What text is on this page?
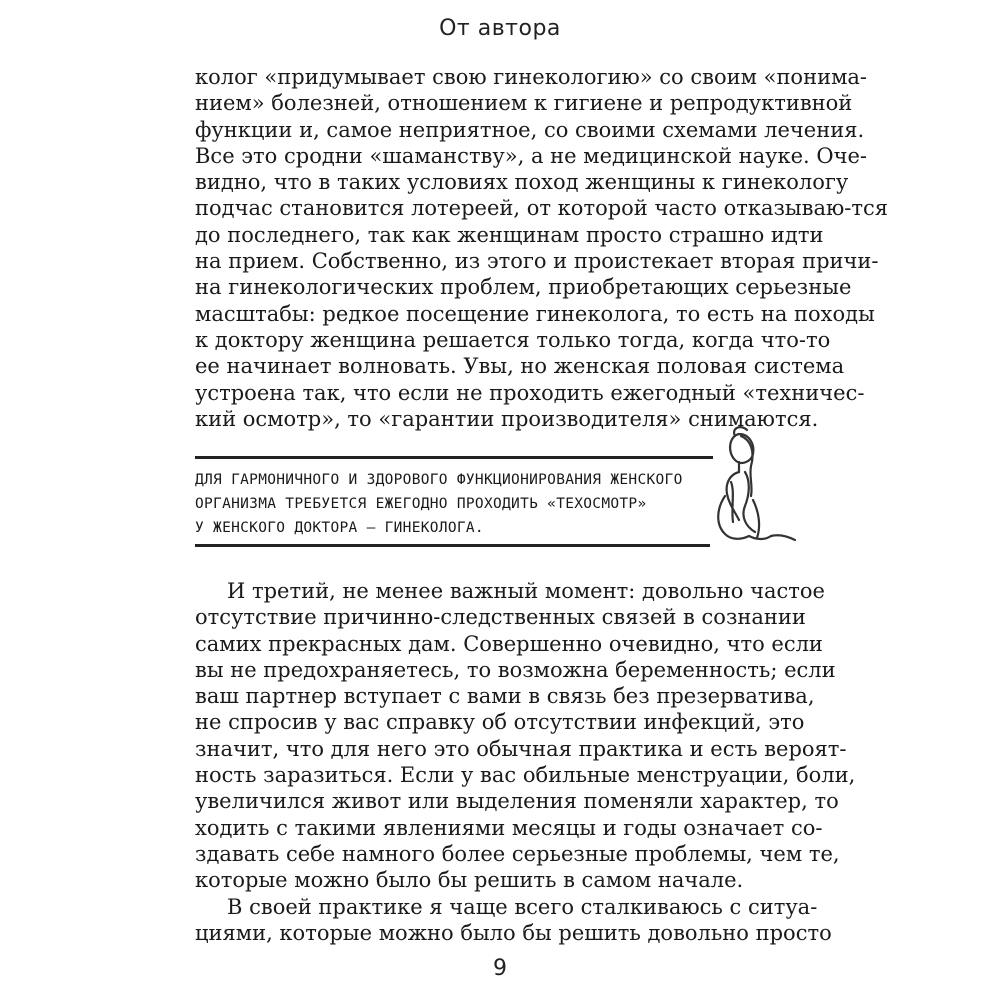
От автора
колог «придумывает свою гинекологию» со своим «понима-
нием» болезней, отношением к гигиене и репродуктивной
функции и, самое неприятное, со своими схемами лечения.
Все это сродни «шаманству», а не медицинской науке. Оче-
видно, что в таких условиях поход женщины к гинекологу
подчас становится лотереей, от которой часто отказываю-тся
до последнего, так как женщинам просто страшно идти
на прием. Собственно, из этого и проистекает вторая причи-
на гинекологических проблем, приобретающих серьезные
масштабы: редкое посещение гинеколога, то есть на походы
к доктору женщина решается только тогда, когда что-то
ее начинает волновать. Увы, но женская половая система
устроена так, что если не проходить ежегодный «техничес-
кий осмотр», то «гарантии производителя» снимаются.
ДЛЯ ГАРМОНИЧНОГО И ЗДОРОВОГО ФУНКЦИОНИРОВАНИЯ ЖЕНСКОГО
ОРГАНИЗМА ТРЕБУЕТСЯ ЕЖЕГОДНО ПРОХОДИТЬ «ТЕХОСМОТР»
У ЖЕНСКОГО ДОКТОРА – ГИНЕКОЛОГА.
И третий, не менее важный момент: довольно частое
отсутствие причинно-следственных связей в сознании
самих прекрасных дам. Совершенно очевидно, что если
вы не предохраняетесь, то возможна беременность; если
ваш партнер вступает с вами в связь без презерватива,
не спросив у вас справку об отсутствии инфекций, это
значит, что для него это обычная практика и есть вероят-
ность заразиться. Если у вас обильные менструации, боли,
увеличился живот или выделения поменяли характер, то
ходить с такими явлениями месяцы и годы означает со-
здавать себе намного более серьезные проблемы, чем те,
которые можно было бы решить в самом начале.
В своей практике я чаще всего сталкиваюсь с ситуа-
циями, которые можно было бы решить довольно просто
9
